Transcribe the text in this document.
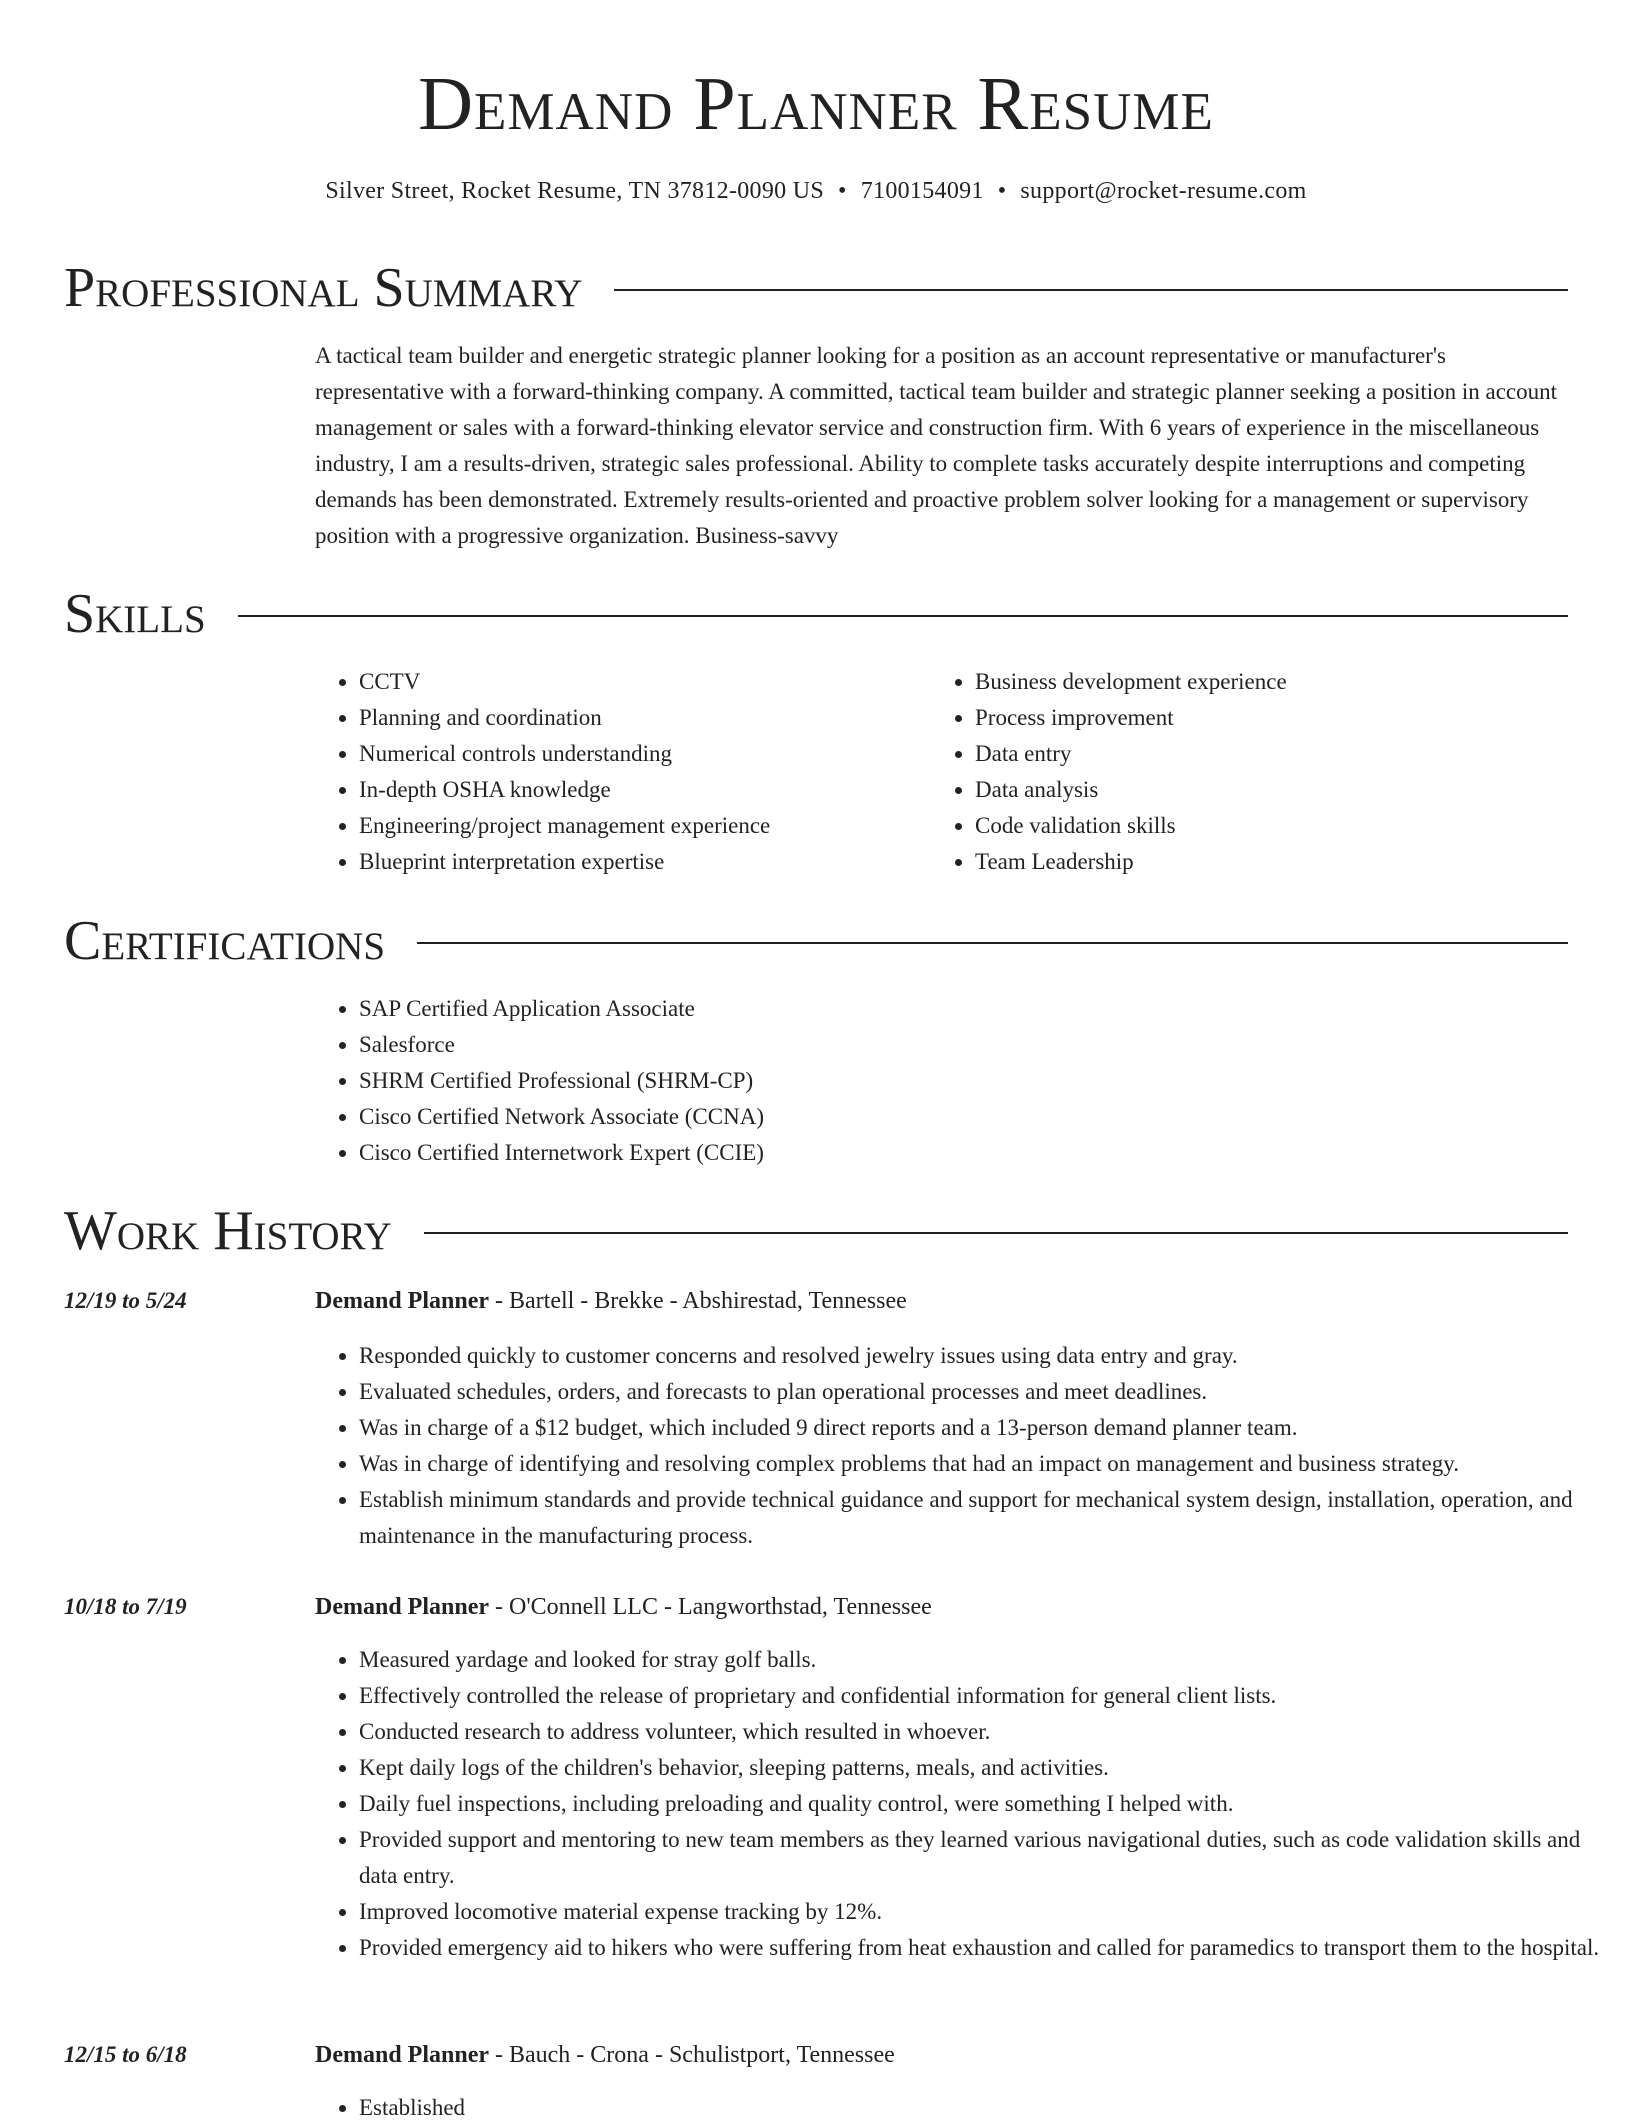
Demand Planner Resume
Silver Street, Rocket Resume, TN 37812-0090 US • 7100154091 • support@rocket-resume.com
Professional Summary
A tactical team builder and energetic strategic planner looking for a position as an account representative or manufacturer's representative with a forward-thinking company. A committed, tactical team builder and strategic planner seeking a position in account management or sales with a forward-thinking elevator service and construction firm. With 6 years of experience in the miscellaneous industry, I am a results-driven, strategic sales professional. Ability to complete tasks accurately despite interruptions and competing demands has been demonstrated. Extremely results-oriented and proactive problem solver looking for a management or supervisory position with a progressive organization. Business-savvy
Skills
• CCTV
• Planning and coordination
• Numerical controls understanding
• In-depth OSHA knowledge
• Engineering/project management experience
• Blueprint interpretation expertise
• Business development experience
• Process improvement
• Data entry
• Data analysis
• Code validation skills
• Team Leadership
Certifications
• SAP Certified Application Associate
• Salesforce
• SHRM Certified Professional (SHRM-CP)
• Cisco Certified Network Associate (CCNA)
• Cisco Certified Internetwork Expert (CCIE)
Work History
12/19 to 5/24	Demand Planner - Bartell - Brekke - Abshirestad, Tennessee
• Responded quickly to customer concerns and resolved jewelry issues using data entry and gray.
• Evaluated schedules, orders, and forecasts to plan operational processes and meet deadlines.
• Was in charge of a $12 budget, which included 9 direct reports and a 13-person demand planner team.
• Was in charge of identifying and resolving complex problems that had an impact on management and business strategy.
• Establish minimum standards and provide technical guidance and support for mechanical system design, installation, operation, and maintenance in the manufacturing process.
10/18 to 7/19	Demand Planner - O'Connell LLC - Langworthstad, Tennessee
• Measured yardage and looked for stray golf balls.
• Effectively controlled the release of proprietary and confidential information for general client lists.
• Conducted research to address volunteer, which resulted in whoever.
• Kept daily logs of the children's behavior, sleeping patterns, meals, and activities.
• Daily fuel inspections, including preloading and quality control, were something I helped with.
• Provided support and mentoring to new team members as they learned various navigational duties, such as code validation skills and data entry.
• Improved locomotive material expense tracking by 12%.
• Provided emergency aid to hikers who were suffering from heat exhaustion and called for paramedics to transport them to the hospital.
12/15 to 6/18	Demand Planner - Bauch - Crona - Schulistport, Tennessee
• Established
